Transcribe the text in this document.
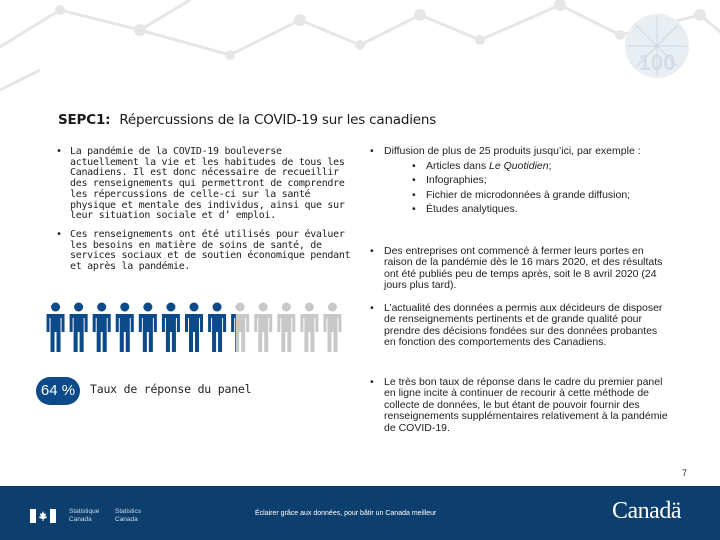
100
SEPC1: Répercussions de la COVID-19 sur les canadiens
• La pandémie de la COVID-19 bouleverse actuellement la vie et les habitudes de tous les Canadiens. Il est donc nécessaire de recueillir des renseignements qui permettront de comprendre les répercussions de celle-ci sur la santé physique et mentale des individus, ainsi que sur leur situation sociale et d’ emploi.
• Ces renseignements ont été utilisés pour évaluer les besoins en matière de soins de santé, de services sociaux et de soutien économique pendant et après la pandémie.
64 %	Taux de réponse du panel
• Diffusion de plus de 25 produits jusqu’ici, par exemple :
• Articles dans Le Quotidien;
• Infographies;
• Fichier de microdonnées à grande diffusion;
• Études analytiques.
• Des entreprises ont commencé à fermer leurs portes en raison de la pandémie dès le 16 mars 2020, et des résultats ont été publiés peu de temps après, soit le 8 avril 2020 (24 jours plus tard).
• L’actualité des données a permis aux décideurs de disposer de renseignements pertinents et de grande qualité pour prendre des décisions fondées sur des données probantes en fonction des comportements des Canadiens.
• Le très bon taux de réponse dans le cadre du premier panel en ligne incite à continuer de recourir à cette méthode de collecte de données, le but étant de pouvoir fournir des renseignements supplémentaires relativement à la pandémie de COVID-19.
7
Statistique
Canada
Statistics
Canada
Éclairer grâce aux données, pour bâtir un Canada meilleur	Canadä
